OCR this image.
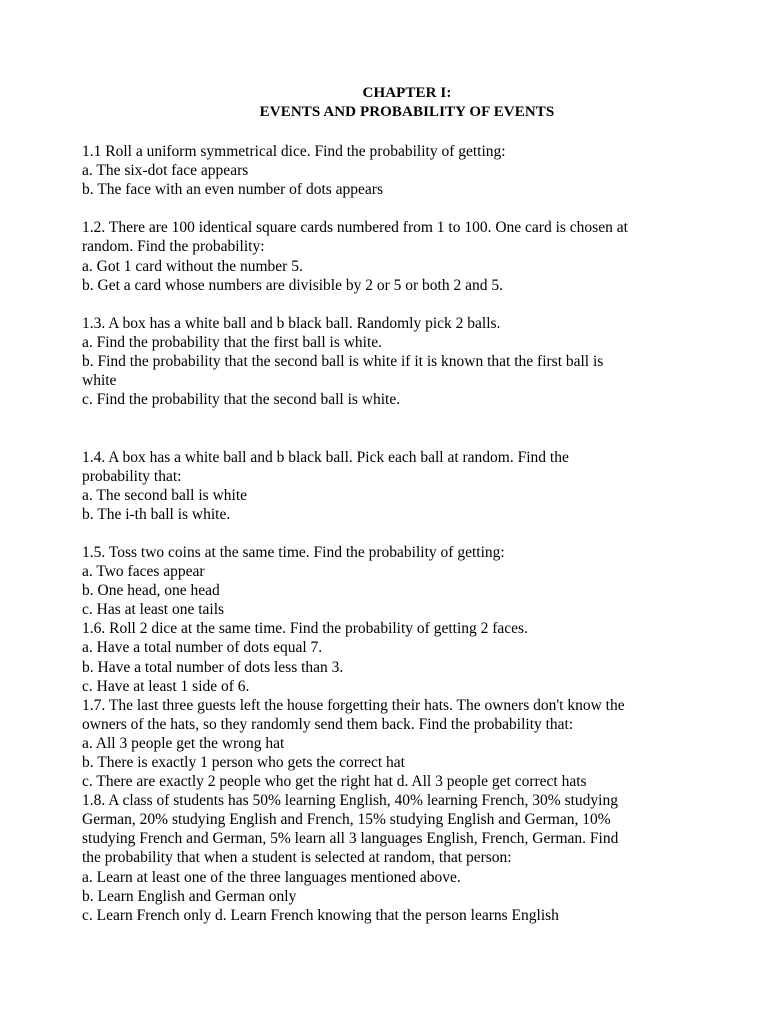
CHAPTER I:

EVENTS AND PROBABILITY OF EVENTS

1.1 Roll a uniform symmetrical dice. Find the probability of getting:

a. The six-dot face appears

b. The face with an even number of dots appears

1.2. There are 100 identical square cards numbered from 1 to 100. One card is chosen at

random. Find the probability:

a. Got 1 card without the number 5.

b. Get a card whose numbers are divisible by 2 or 5 or both 2 and 5.

1.3. A box has a white ball and b black ball. Randomly pick 2 balls.

a. Find the probability that the first ball is white.

b. Find the probability that the second ball is white if it is known that the first ball is

white

c. Find the probability that the second ball is white.

1.4. A box has a white ball and b black ball. Pick each ball at random. Find the

probability that:

a. The second ball is white

b. The i-th ball is white.

1.5. Toss two coins at the same time. Find the probability of getting:

a. Two faces appear

b. One head, one head

c. Has at least one tails

1.6. Roll 2 dice at the same time. Find the probability of getting 2 faces.

a. Have a total number of dots equal 7.

b. Have a total number of dots less than 3.

c. Have at least 1 side of 6.

1.7. The last three guests left the house forgetting their hats. The owners don't know the

owners of the hats, so they randomly send them back. Find the probability that:

a. All 3 people get the wrong hat

b. There is exactly 1 person who gets the correct hat

c. There are exactly 2 people who get the right hat d. All 3 people get correct hats

1.8. A class of students has 50% learning English, 40% learning French, 30% studying

German, 20% studying English and French, 15% studying English and German, 10%

studying French and German, 5% learn all 3 languages English, French, German. Find

the probability that when a student is selected at random, that person:

a. Learn at least one of the three languages mentioned above.

b. Learn English and German only

c. Learn French only d. Learn French knowing that the person learns English
